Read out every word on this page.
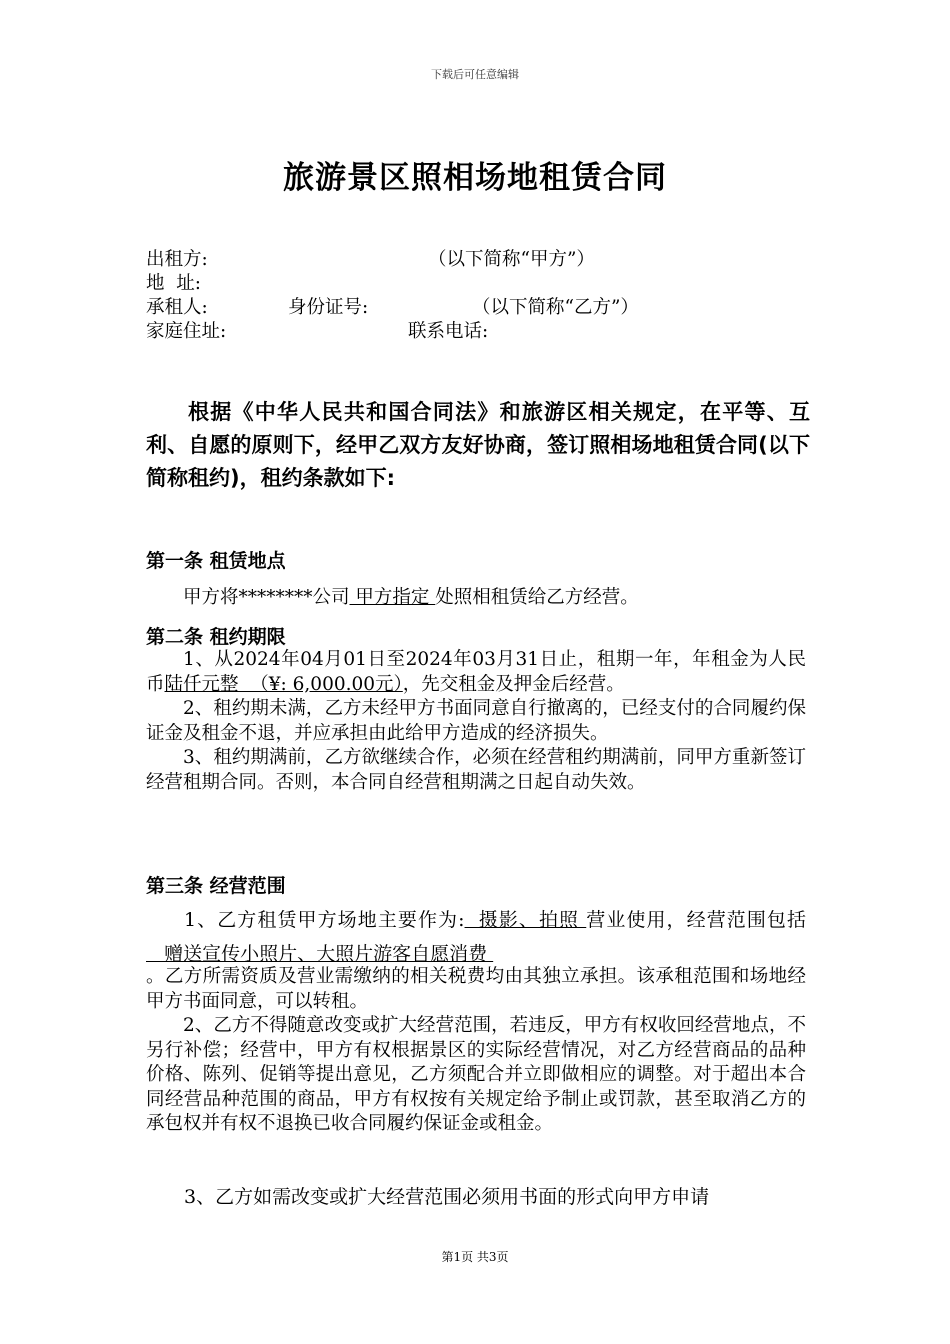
下载后可任意编辑
旅游景区照相场地租赁合同
出租方:	（以下简称“甲方”）
地  址:
承租人:	身份证号:	（以下简称“乙方”）
家庭住址:	联系电话:

根据《中华人民共和国合同法》和旅游区相关规定，在平等、互利、自愿的原则下，经甲乙双方友好协商，签订照相场地租赁合同(以下简称租约)，租约条款如下:

第一条 租赁地点

甲方将********公司 甲方指定 处照相租赁给乙方经营。

第二条 租约期限

1、从2024年04月01日至2024年03月31日止，租期一年，年租金为人民币陆仟元整  （¥: 6,000.00元），先交租金及押金后经营。

2、租约期未满，乙方未经甲方书面同意自行撤离的，已经支付的合同履约保证金及租金不退，并应承担由此给甲方造成的经济损失。

3、租约期满前，乙方欲继续合作，必须在经营租约期满前，同甲方重新签订经营租期合同。否则，本合同自经营租期满之日起自动失效。

第三条 经营范围

1、乙方租赁甲方场地主要作为:  摄影、拍照 营业使用，经营范围包括   赠送宣传小照片、大照片游客自愿消费

。乙方所需资质及营业需缴纳的相关税费均由其独立承担。该承租范围和场地经甲方书面同意，可以转租。

2、乙方不得随意改变或扩大经营范围，若违反，甲方有权收回经营地点，不另行补偿；经营中，甲方有权根据景区的实际经营情况，对乙方经营商品的品种价格、陈列、促销等提出意见，乙方须配合并立即做相应的调整。对于超出本合同经营品种范围的商品，甲方有权按有关规定给予制止或罚款，甚至取消乙方的承包权并有权不退换已收合同履约保证金或租金。

3、乙方如需改变或扩大经营范围必须用书面的形式向甲方申请

第1页 共3页
